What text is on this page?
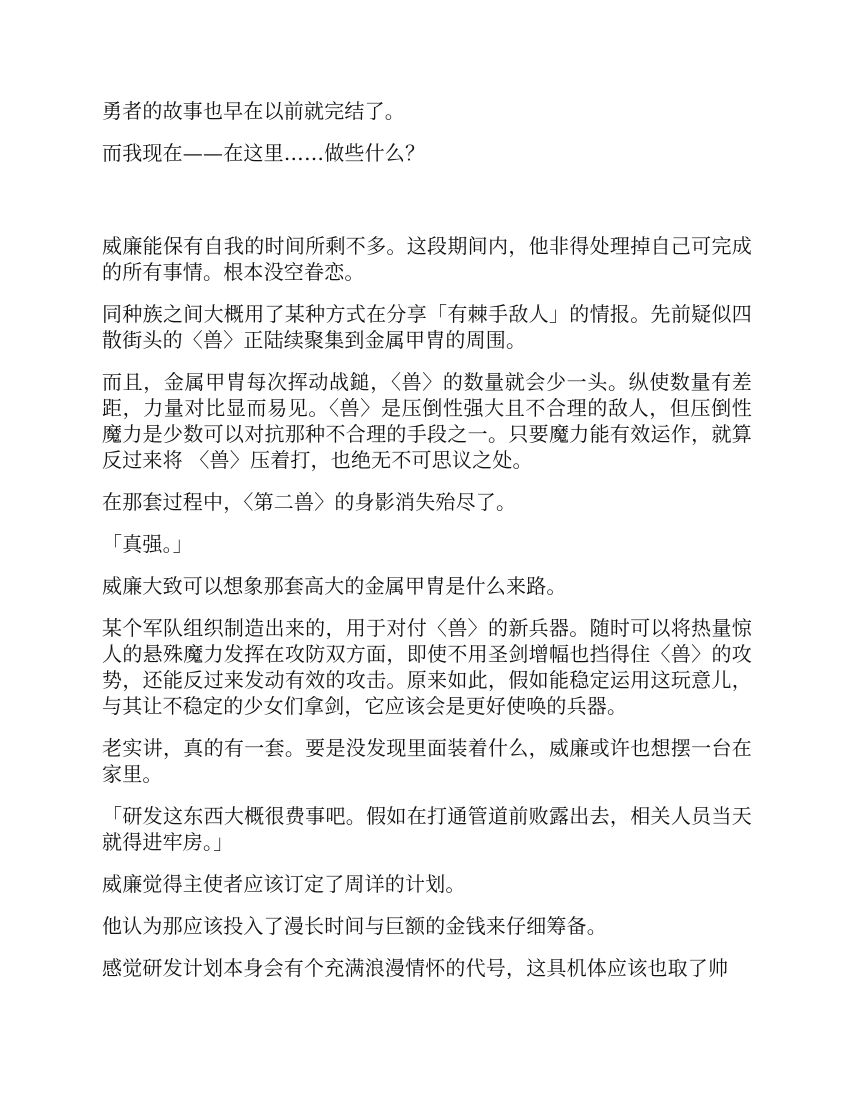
勇者的故事也早在以前就完结了。

而我现在——在这里……做些什么？

威廉能保有自我的时间所剩不多。这段期间内，他非得处理掉自己可完成的所有事情。根本没空眷恋。

同种族之间大概用了某种方式在分享「有棘手敌人」的情报。先前疑似四散街头的〈兽〉正陆续聚集到金属甲胄的周围。

而且，金属甲胄每次挥动战鎚，〈兽〉的数量就会少一头。纵使数量有差距，力量对比显而易见。〈兽〉是压倒性强大且不合理的敌人，但压倒性魔力是少数可以对抗那种不合理的手段之一。只要魔力能有效运作，就算反过来将 〈兽〉压着打，也绝无不可思议之处。

在那套过程中，〈第二兽〉的身影消失殆尽了。

「真强。」

威廉大致可以想象那套高大的金属甲胄是什么来路。

某个军队组织制造出来的，用于对付〈兽〉的新兵器。随时可以将热量惊人的悬殊魔力发挥在攻防双方面，即使不用圣剑增幅也挡得住〈兽〉的攻势，还能反过来发动有效的攻击。原来如此，假如能稳定运用这玩意儿，与其让不稳定的少女们拿剑，它应该会是更好使唤的兵器。

老实讲，真的有一套。要是没发现里面装着什么，威廉或许也想摆一台在家里。

「研发这东西大概很费事吧。假如在打通管道前败露出去，相关人员当天就得进牢房。」

威廉觉得主使者应该订定了周详的计划。

他认为那应该投入了漫长时间与巨额的金钱来仔细筹备。

感觉研发计划本身会有个充满浪漫情怀的代号，这具机体应该也取了帅
